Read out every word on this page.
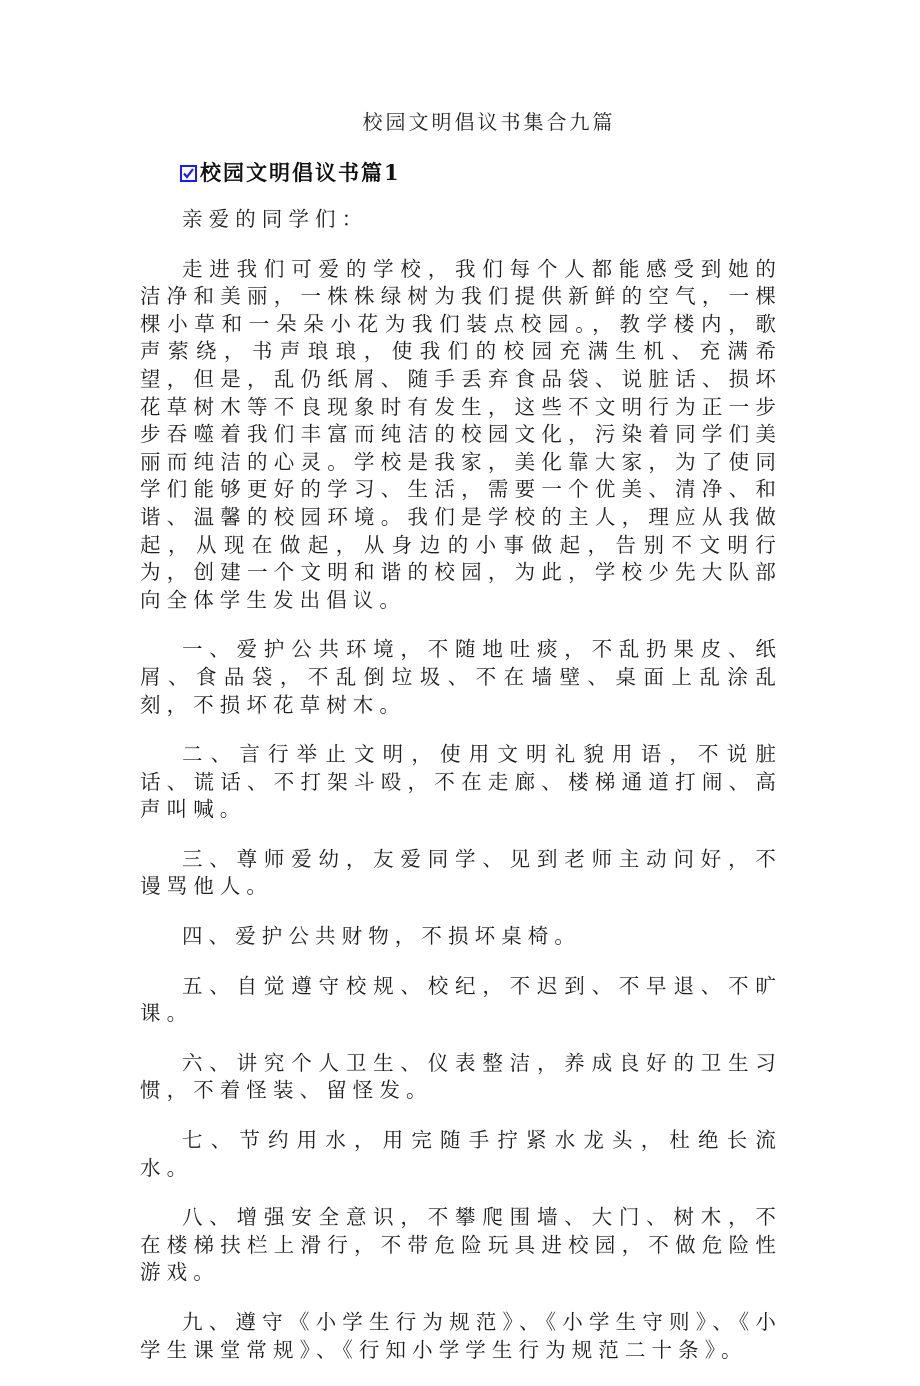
校园文明倡议书集合九篇
校园文明倡议书篇1

亲爱的同学们：

走进我们可爱的学校，我们每个人都能感受到她的洁净和美丽，一株株绿树为我们提供新鲜的空气，一棵棵小草和一朵朵小花为我们装点校园。，教学楼内，歌声萦绕，书声琅琅，使我们的校园充满生机、充满希望，但是，乱仍纸屑、随手丢弃食品袋、说脏话、损坏花草树木等不良现象时有发生，这些不文明行为正一步步吞噬着我们丰富而纯洁的校园文化，污染着同学们美丽而纯洁的心灵。学校是我家，美化靠大家，为了使同学们能够更好的学习、生活，需要一个优美、清净、和谐、温馨的校园环境。我们是学校的主人，理应从我做起，从现在做起，从身边的小事做起，告别不文明行为，创建一个文明和谐的校园，为此，学校少先大队部向全体学生发出倡议。

一、爱护公共环境，不随地吐痰，不乱扔果皮、纸屑、食品袋，不乱倒垃圾、不在墙壁、桌面上乱涂乱刻，不损坏花草树木。

二、言行举止文明，使用文明礼貌用语，不说脏话、谎话、不打架斗殴，不在走廊、楼梯通道打闹、高声叫喊。

三、尊师爱幼，友爱同学、见到老师主动问好，不谩骂他人。

四、爱护公共财物，不损坏桌椅。

五、自觉遵守校规、校纪，不迟到、不早退、不旷课。

六、讲究个人卫生、仪表整洁，养成良好的卫生习惯，不着怪装、留怪发。

七、节约用水，用完随手拧紧水龙头，杜绝长流水。

八、增强安全意识，不攀爬围墙、大门、树木，不在楼梯扶栏上滑行，不带危险玩具进校园，不做危险性游戏。

九、遵守《小学生行为规范》、《小学生守则》、《小学生课堂常规》、《行知小学学生行为规范二十条》。
